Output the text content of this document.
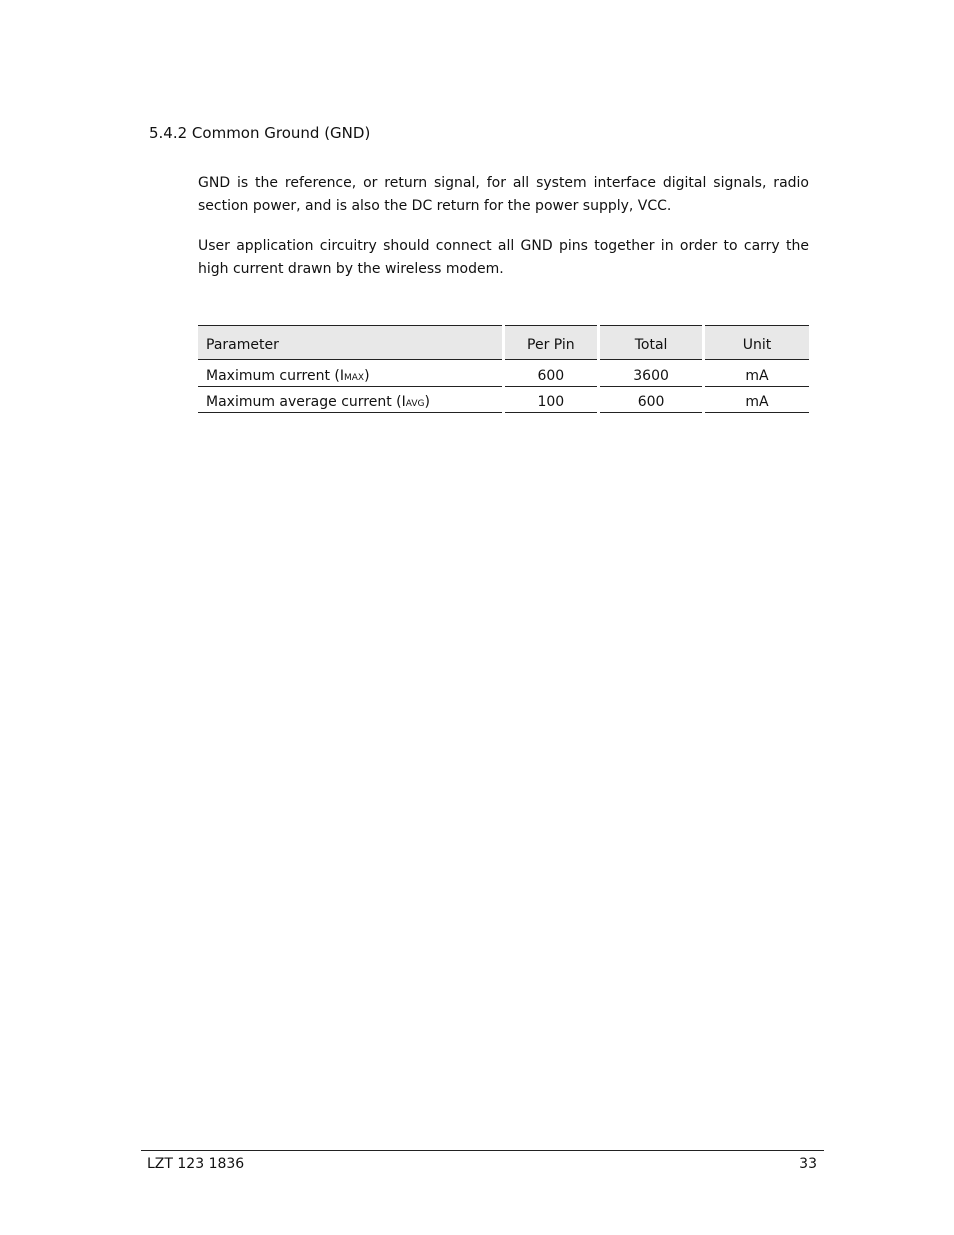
5.4.2 Common Ground (GND)

GND is the reference, or return signal, for all system interface digital signals, radio section power, and is also the DC return for the power supply, VCC.

User application circuitry should connect all GND pins together in order to carry the high current drawn by the wireless modem.

Parameter	Per Pin	Total	Unit
Maximum current (IMAX)	600	3600	mA
Maximum average current (IAVG)	100	600	mA
LZT 123 1836	33
